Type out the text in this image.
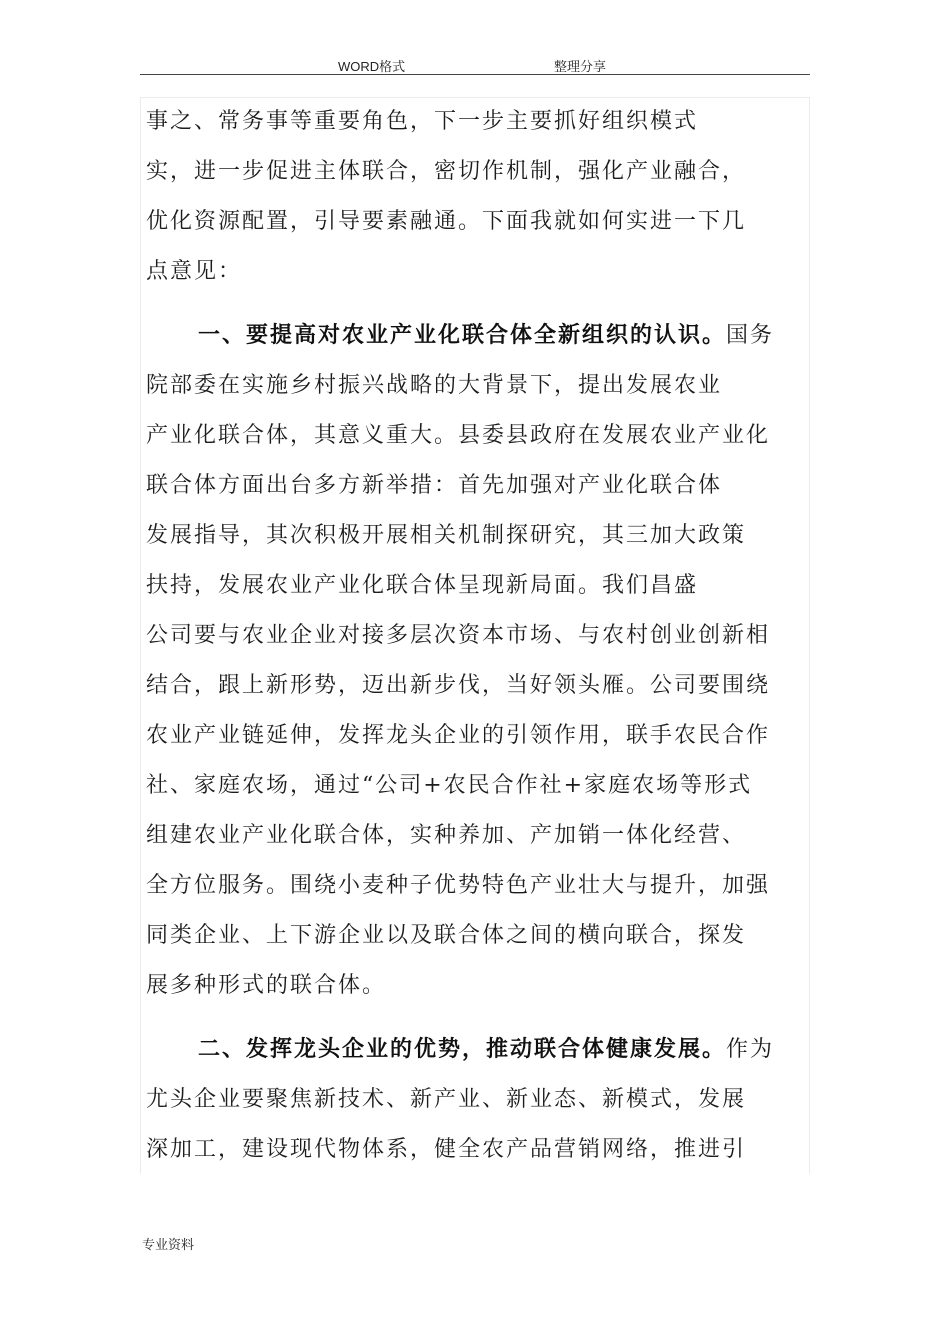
WORD格式	整理分享
事之、常务事等重要角色，下一步主要抓好组织模式
实，进一步促进主体联合，密切作机制，强化产业融合，
优化资源配置，引导要素融通。下面我就如何实进一下几
点意见：
一、要提高对农业产业化联合体全新组织的认识。国务
院部委在实施乡村振兴战略的大背景下，提出发展农业
产业化联合体，其意义重大。县委县政府在发展农业产业化
联合体方面出台多方新举措：首先加强对产业化联合体
发展指导，其次积极开展相关机制探研究，其三加大政策
扶持，发展农业产业化联合体呈现新局面。我们昌盛
公司要与农业企业对接多层次资本市场、与农村创业创新相
结合，跟上新形势，迈出新步伐，当好领头雁。公司要围绕
农业产业链延伸，发挥龙头企业的引领作用，联手农民合作
社、家庭农场，通过“公司+农民合作社+家庭农场等形式
组建农业产业化联合体，实种养加、产加销一体化经营、
全方位服务。围绕小麦种子优势特色产业壮大与提升，加强
同类企业、上下游企业以及联合体之间的横向联合，探发
展多种形式的联合体。
二、发挥龙头企业的优势，推动联合体健康发展。作为
尤头企业要聚焦新技术、新产业、新业态、新模式，发展
深加工，建设现代物体系，健全农产品营销网络，推进引
专业资料
